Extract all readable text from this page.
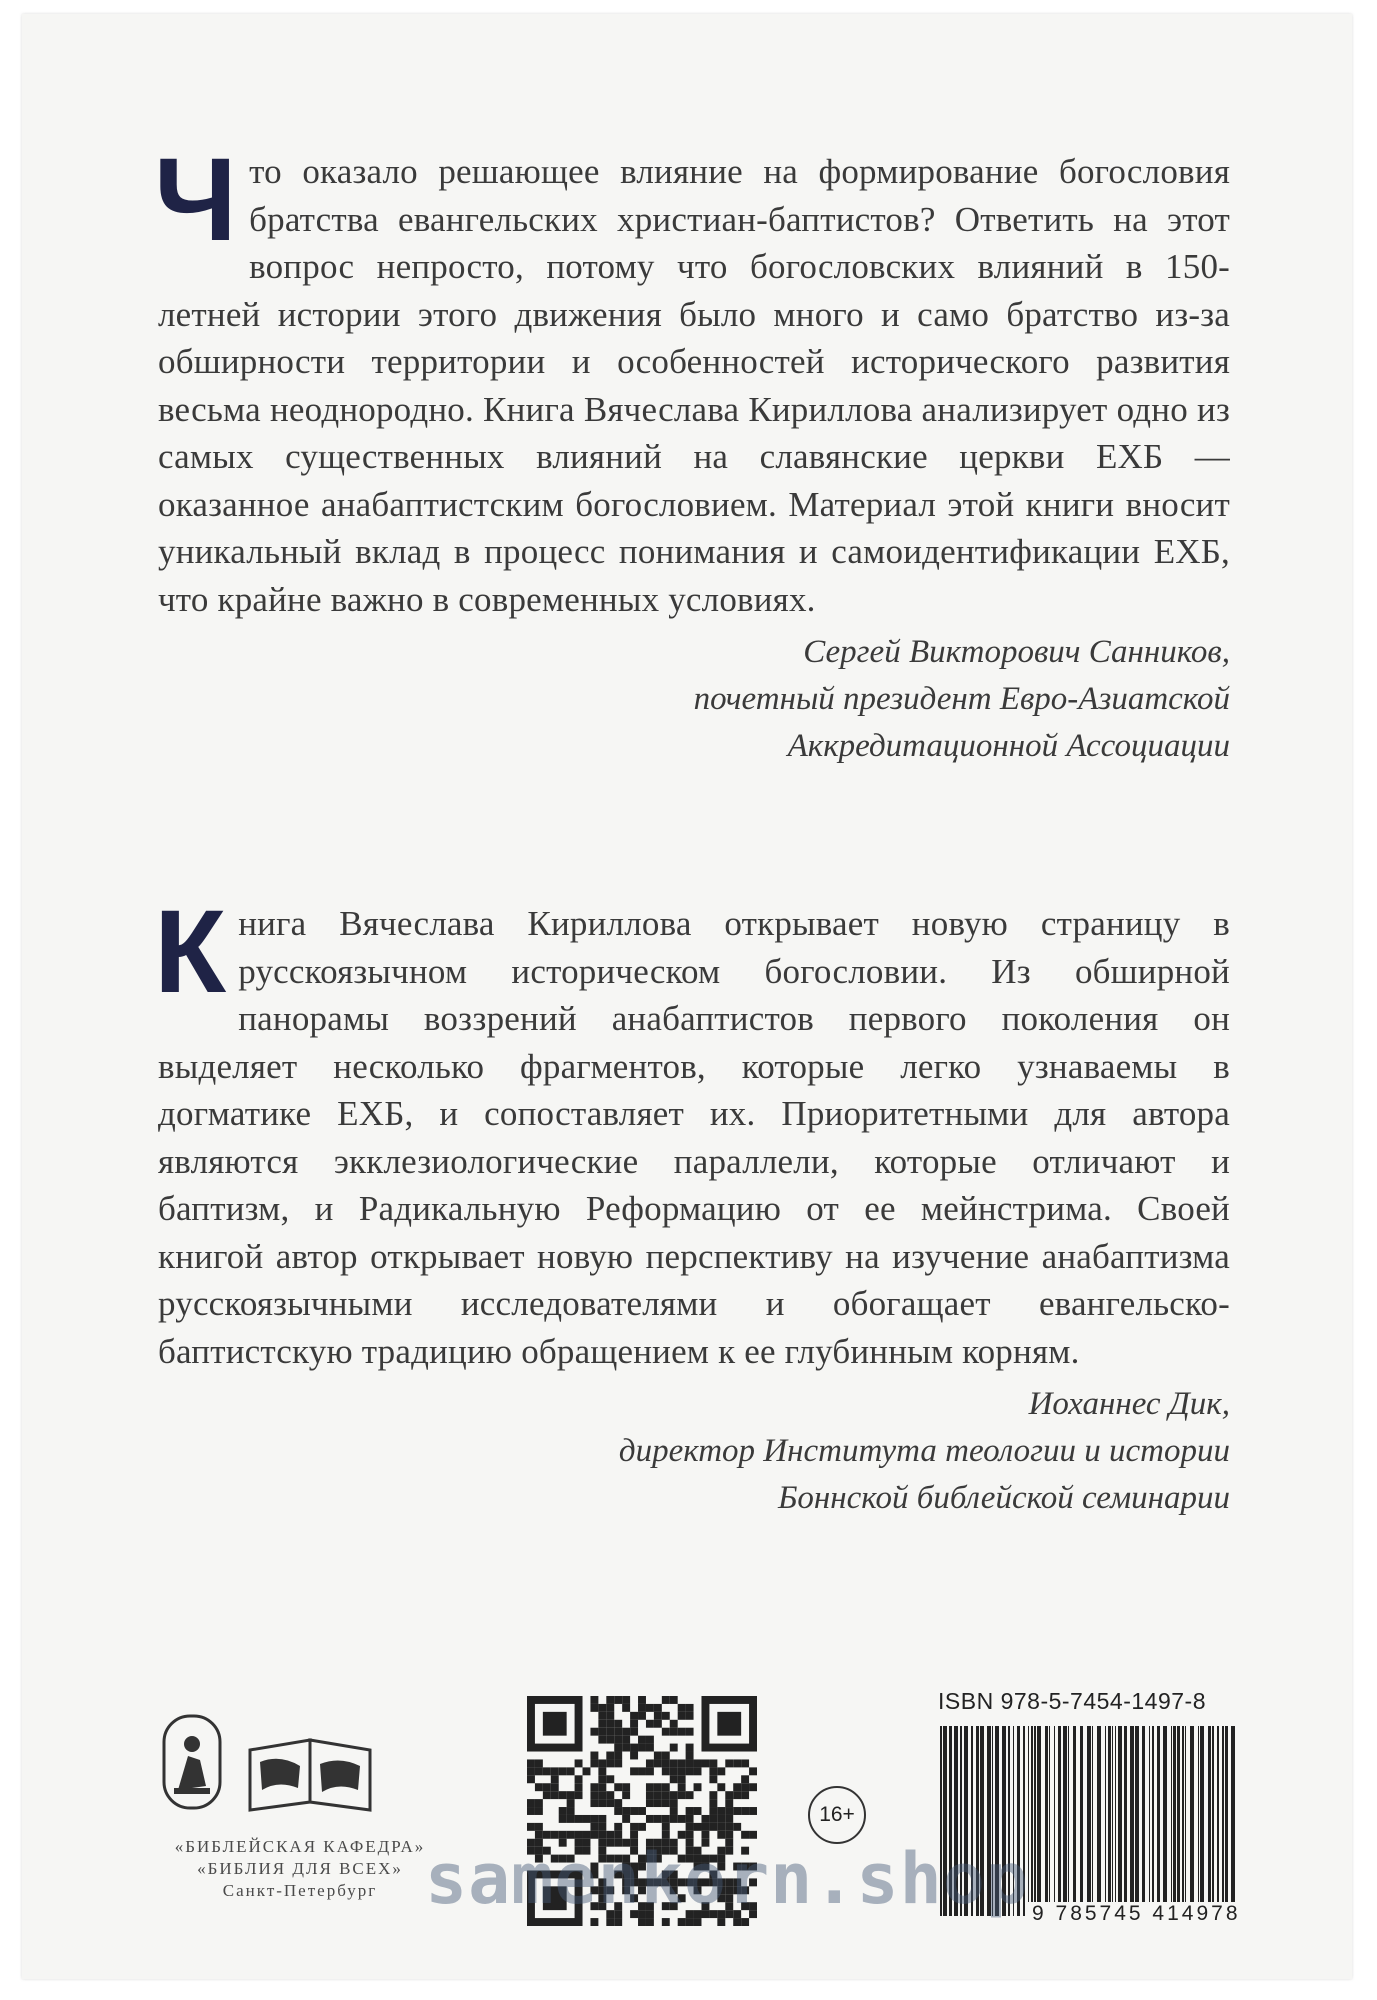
Что оказало решающее влияние на формирование богословия братства евангельских христиан-баптистов? Ответить на этот вопрос непросто, потому что богословских влияний в 150-летней истории этого движения было много и само братство из-за обширности территории и особенностей исторического развития весьма неоднородно. Книга Вячеслава Кириллова анализирует одно из самых существенных влияний на славянские церкви ЕХБ — оказанное анабаптистским богословием. Материал этой книги вносит уникальный вклад в процесс понимания и самоидентификации ЕХБ, что крайне важно в современных условиях.

Сергей Викторович Санников,
почетный президент Евро-Азиатской
Аккредитационной Ассоциации

Книга Вячеслава Кириллова открывает новую страницу в русскоязычном историческом богословии. Из обширной панорамы воззрений анабаптистов первого поколения он выделяет несколько фрагментов, которые легко узнаваемы в догматике ЕХБ, и сопоставляет их. Приоритетными для автора являются экклезиологические параллели, которые отличают и баптизм, и Радикальную Реформацию от ее мейнстрима. Своей книгой автор открывает новую перспективу на изучение анабаптизма русскоязычными исследователями и обогащает евангельско-баптистскую традицию обращением к ее глубинным корням.

Иоханнес Дик,
директор Института теологии и истории
Боннской библейской семинарии
«БИБЛЕЙСКАЯ КАФЕДРА»
«БИБЛИЯ ДЛЯ ВСЕХ»
Санкт-Петербург
16+
ISBN 978-5-7454-1497-8
9 785745 414978
samenkorn.shop
